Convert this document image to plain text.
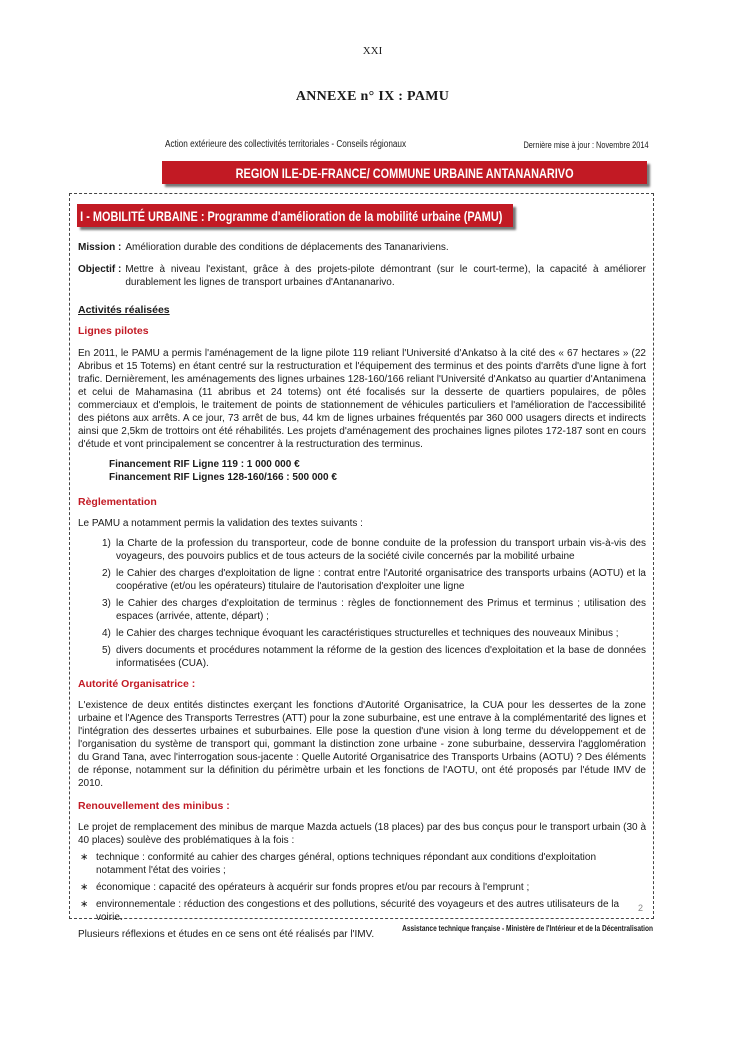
XXI
ANNEXE n° IX : PAMU
Action extérieure des collectivités territoriales - Conseils régionaux	Dernière mise à jour : Novembre 2014
REGION ILE-DE-FRANCE/ COMMUNE URBAINE ANTANANARIVO
I - MOBILITÉ URBAINE : Programme d'amélioration de la mobilité urbaine (PAMU)
Mission : Amélioration durable des conditions de déplacements des Tananariviens.
Objectif : Mettre à niveau l'existant, grâce à des projets-pilote démontrant (sur le court-terme), la capacité à améliorer durablement les lignes de transport urbaines d'Antananarivo.

Activités réalisées
Lignes pilotes

En 2011, le PAMU a permis l'aménagement de la ligne pilote 119 reliant l'Université d'Ankatso à la cité des « 67 hectares » (22 Abribus et 15 Totems) en étant centré sur la restructuration et l'équipement des terminus et des points d'arrêts d'une ligne à fort trafic. Dernièrement, les aménagements des lignes urbaines 128-160/166 reliant l'Université d'Ankatso au quartier d'Antanimena et celui de Mahamasina (11 abribus et 24 totems) ont été focalisés sur la desserte de quartiers populaires, de pôles commerciaux et d'emplois, le traitement de points de stationnement de véhicules particuliers et l'amélioration de l'accessibilité des piétons aux arrêts. A ce jour, 73 arrêt de bus, 44 km de lignes urbaines fréquentés par 360 000 usagers directs et indirects ainsi que 2,5km de trottoirs ont été réhabilités. Les projets d'aménagement des prochaines lignes pilotes 172-187 sont en cours d'étude et vont principalement se concentrer à la restructuration des terminus.

Financement RIF Ligne 119 : 1 000 000 €
Financement RIF Lignes 128-160/166 : 500 000 €
Règlementation

Le PAMU a notamment permis la validation des textes suivants :

1) la Charte de la profession du transporteur, code de bonne conduite de la profession du transport urbain vis-à-vis des voyageurs, des pouvoirs publics et de tous acteurs de la société civile concernés par la mobilité urbaine
2) le Cahier des charges d'exploitation de ligne : contrat entre l'Autorité organisatrice des transports urbains (AOTU) et la coopérative (et/ou les opérateurs) titulaire de l'autorisation d'exploiter une ligne
3) le Cahier des charges d'exploitation de terminus : règles de fonctionnement des Primus et terminus ; utilisation des espaces (arrivée, attente, départ) ;
4) le Cahier des charges technique évoquant les caractéristiques structurelles et techniques des nouveaux Minibus ;
5) divers documents et procédures notamment la réforme de la gestion des licences d'exploitation et la base de données informatisées (CUA).
Autorité Organisatrice :

L'existence de deux entités distinctes exerçant les fonctions d'Autorité Organisatrice, la CUA pour les dessertes de la zone urbaine et l'Agence des Transports Terrestres (ATT) pour la zone suburbaine, est une entrave à la complémentarité des lignes et l'intégration des dessertes urbaines et suburbaines. Elle pose la question d'une vision à long terme du développement et de l'organisation du système de transport qui, gommant la distinction zone urbaine - zone suburbaine, desservira l'agglomération du Grand Tana, avec l'interrogation sous-jacente : Quelle Autorité Organisatrice des Transports Urbains (AOTU) ? Des éléments de réponse, notamment sur la définition du périmètre urbain et les fonctions de l'AOTU, ont été proposés par l'étude IMV de 2010.

Renouvellement des minibus :

Le projet de remplacement des minibus de marque Mazda actuels (18 places) par des bus conçus pour le transport urbain (30 à 40 places) soulève des problématiques à la fois :

∗ technique : conformité au cahier des charges général, options techniques répondant aux conditions d'exploitation notamment l'état des voiries ;
∗ économique : capacité des opérateurs à acquérir sur fonds propres et/ou par recours à l'emprunt ;
∗ environnementale : réduction des congestions et des pollutions, sécurité des voyageurs et des autres utilisateurs de la voirie.

Plusieurs réflexions et études en ce sens ont été réalisés par l'IMV.

2
Assistance technique française - Ministère de l'Intérieur et de la Décentralisation
